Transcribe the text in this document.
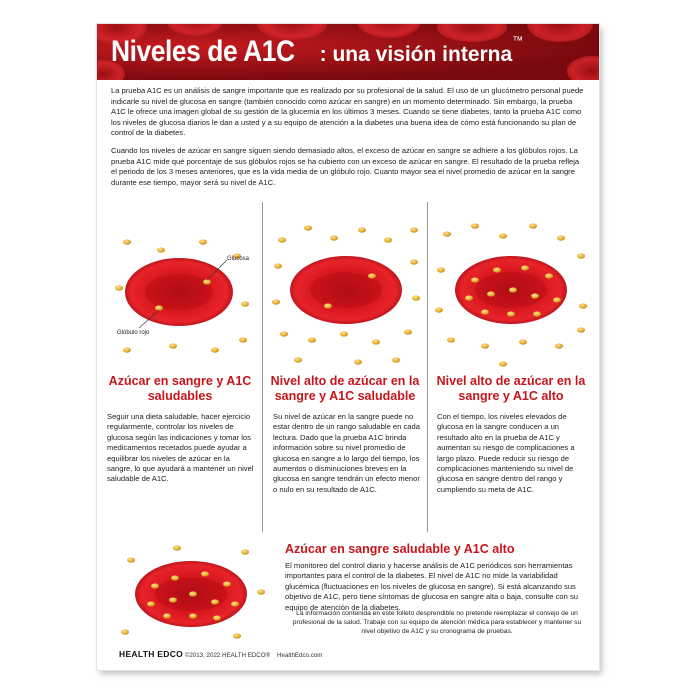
Niveles de A1C : una visión interna™

La prueba A1C es un análisis de sangre importante que es realizado por su profesional de la salud. El uso de un glucómetro personal puede indicarle su nivel de glucosa en sangre (también conocido como azúcar en sangre) en un momento determinado. Sin embargo, la prueba A1C le ofrece una imagen global de su gestión de la glucemia en los últimos 3 meses. Cuando se tiene diabetes, tanto la prueba A1C como los niveles de glucosa diarios le dan a usted y a su equipo de atención a la diabetes una buena idea de cómo está funcionando su plan de control de la diabetes.

Cuando los niveles de azúcar en sangre siguen siendo demasiado altos, el exceso de azúcar en sangre se adhiere a los glóbulos rojos. La prueba A1C mide qué porcentaje de sus glóbulos rojos se ha cubierto con un exceso de azúcar en sangre. El resultado de la prueba refleja el periodo de los 3 meses anteriores, que es la vida media de un glóbulo rojo. Cuanto mayor sea el nivel promedio de azúcar en la sangre durante ese tiempo, mayor será su nivel de A1C.

Glucosa
Glóbulo rojo
Azúcar en sangre y A1C saludables
Seguir una dieta saludable, hacer ejercicio regularmente, controlar los niveles de glucosa según las indicaciones y tomar los medicamentos recetados puede ayudar a equilibrar los niveles de azúcar en la sangre, lo que ayudará a mantener un nivel saludable de A1C.
Nivel alto de azúcar en la sangre y A1C saludable
Su nivel de azúcar en la sangre puede no estar dentro de un rango saludable en cada lectura. Dado que la prueba A1C brinda información sobre su nivel promedio de glucosa en sangre a lo largo del tiempo, los aumentos o disminuciones breves en la glucosa en sangre tendrán un efecto menor o nulo en su resultado de A1C.
Nivel alto de azúcar en la sangre y A1C alto
Con el tiempo, los niveles elevados de glucosa en la sangre conducen a un resultado alto en la prueba de A1C y aumentan su riesgo de complicaciones a largo plazo. Puede reducir su riesgo de complicaciones manteniendo su nivel de glucosa en sangre dentro del rango y cumpliendo su meta de A1C.
Azúcar en sangre saludable y A1C alto
El monitoreo del control diario y hacerse análisis de A1C periódicos son herramientas importantes para el control de la diabetes. El nivel de A1C no mide la variabilidad glucémica (fluctuaciones en los niveles de glucosa en sangre). Si está alcanzando sus objetivo de A1C, pero tiene síntomas de glucosa en sangre alta o baja, consulte con su equipo de atención de la diabetes.
La información contenida en este folleto desprendible no pretende reemplazar el consejo de un profesional de la salud. Trabaje con su equipo de atención médica para establecer y mantener su nivel objetivo de A1C y su cronograma de pruebas.
HEALTH EDCO ©2013, 2022 HEALTH EDCO® HealthEdco.com
